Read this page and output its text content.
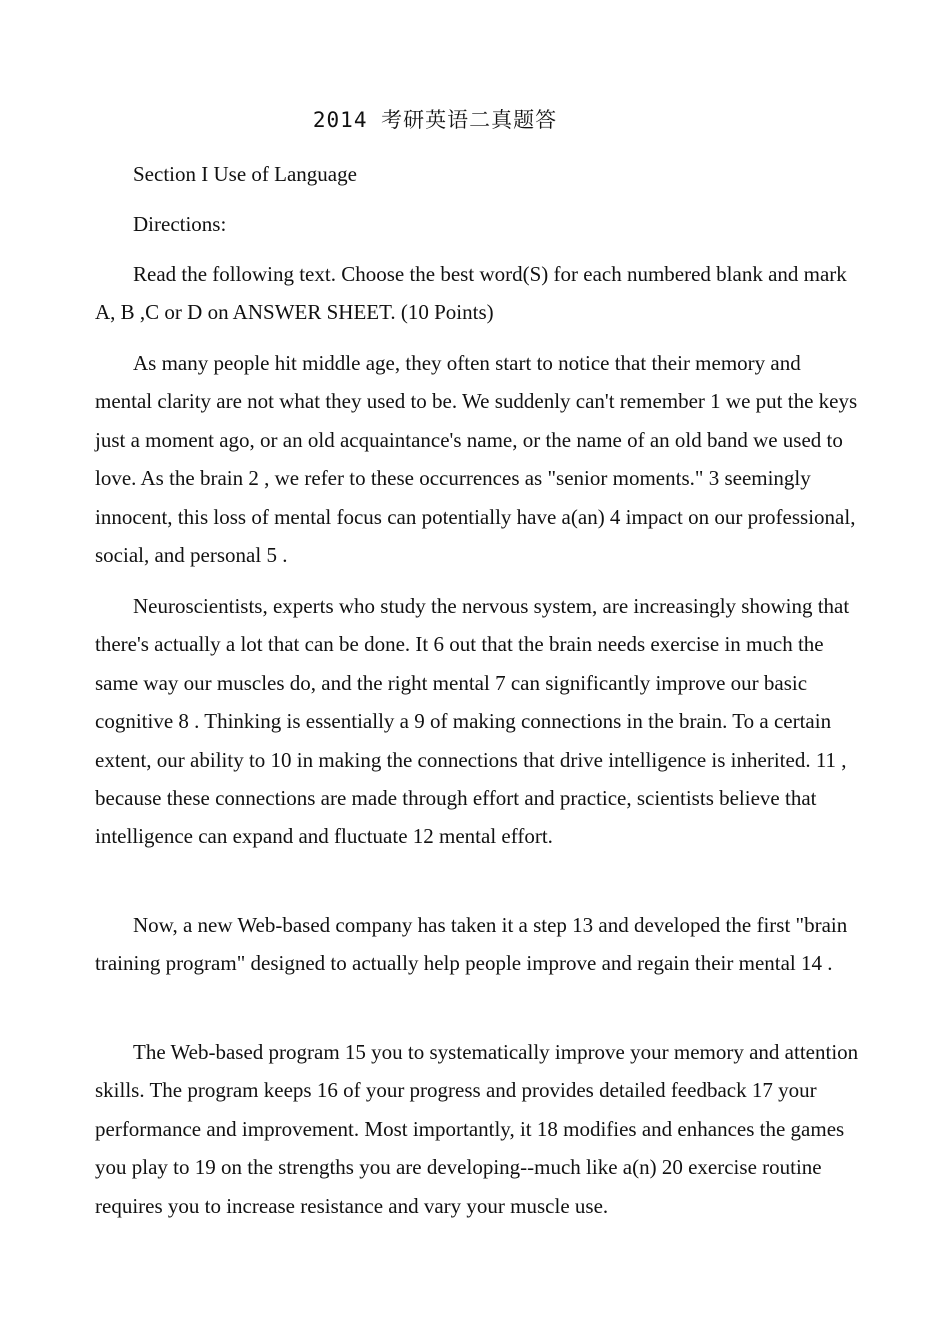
2014 考研英语二真题答

Section I Use of Language

Directions:

Read the following text. Choose the best word(S) for each numbered blank and mark A, B ,C or D on ANSWER SHEET. (10 Points)

As many people hit middle age, they often start to notice that their memory and mental clarity are not what they used to be. We suddenly can't remember 1 we put the keys just a moment ago, or an old acquaintance's name, or the name of an old band we used to love. As the brain 2 , we refer to these occurrences as "senior moments." 3 seemingly innocent, this loss of mental focus can potentially have a(an) 4 impact on our professional, social, and personal 5 .

Neuroscientists, experts who study the nervous system, are increasingly showing that there's actually a lot that can be done. It 6 out that the brain needs exercise in much the same way our muscles do, and the right mental 7 can significantly improve our basic cognitive 8 . Thinking is essentially a 9 of making connections in the brain. To a certain extent, our ability to 10 in making the connections that drive intelligence is inherited. 11 , because these connections are made through effort and practice, scientists believe that intelligence can expand and fluctuate 12 mental effort.

Now, a new Web-based company has taken it a step 13 and developed the first "brain training program" designed to actually help people improve and regain their mental 14 .

The Web-based program 15 you to systematically improve your memory and attention skills. The program keeps 16 of your progress and provides detailed feedback 17 your performance and improvement. Most importantly, it 18 modifies and enhances the games you play to 19 on the strengths you are developing--much like a(n) 20 exercise routine requires you to increase resistance and vary your muscle use.
